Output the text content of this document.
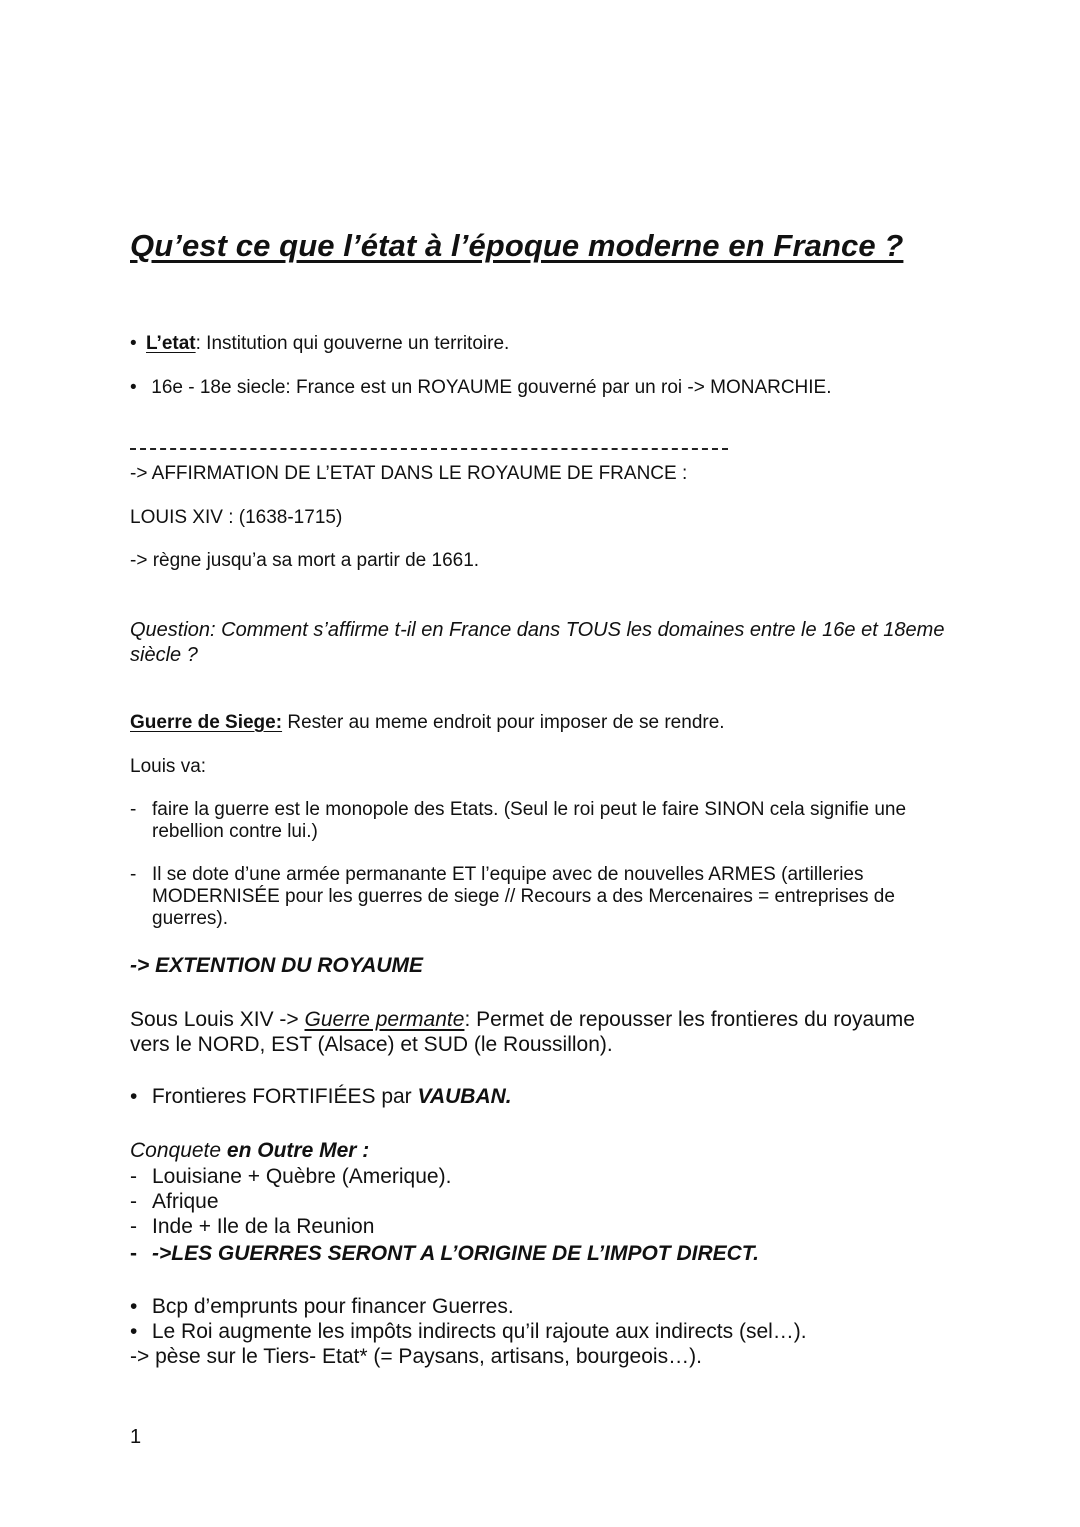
Qu’est ce que l’état à l’époque moderne en France ?
• L’etat: Institution qui gouverne un territoire.
• 16e - 18e siecle: France est un ROYAUME gouverné par un roi -> MONARCHIE.
-> AFFIRMATION DE L’ETAT DANS LE ROYAUME DE FRANCE :
LOUIS XIV : (1638-1715)
-> règne jusqu’a sa mort a partir de 1661.
Question: Comment s’affirme t-il en France dans TOUS les domaines entre le 16e et 18eme siècle ?
Guerre de Siege: Rester au meme endroit pour imposer de se rendre.
Louis va:
- faire la guerre est le monopole des Etats. (Seul le roi peut le faire SINON cela signifie une rebellion contre lui.)
- Il se dote d’une armée permanante ET l’equipe avec de nouvelles ARMES (artilleries MODERNISÉE pour les guerres de siege // Recours a des Mercenaires = entreprises de guerres).
-> EXTENTION DU ROYAUME
Sous Louis XIV -> Guerre permante: Permet de repousser les frontieres du royaume vers le NORD, EST (Alsace) et SUD (le Roussillon).
• Frontieres FORTIFIÉES par VAUBAN.
Conquete en Outre Mer :
- Louisiane + Quèbre (Amerique).
- Afrique
- Inde + Ile de la Reunion
- ->LES GUERRES SERONT A L’ORIGINE DE L’IMPOT DIRECT.
• Bcp d’emprunts pour financer Guerres.
• Le Roi augmente les impôts indirects qu’il rajoute aux indirects (sel…).
-> pèse sur le Tiers- Etat* (= Paysans, artisans, bourgeois…).
1
